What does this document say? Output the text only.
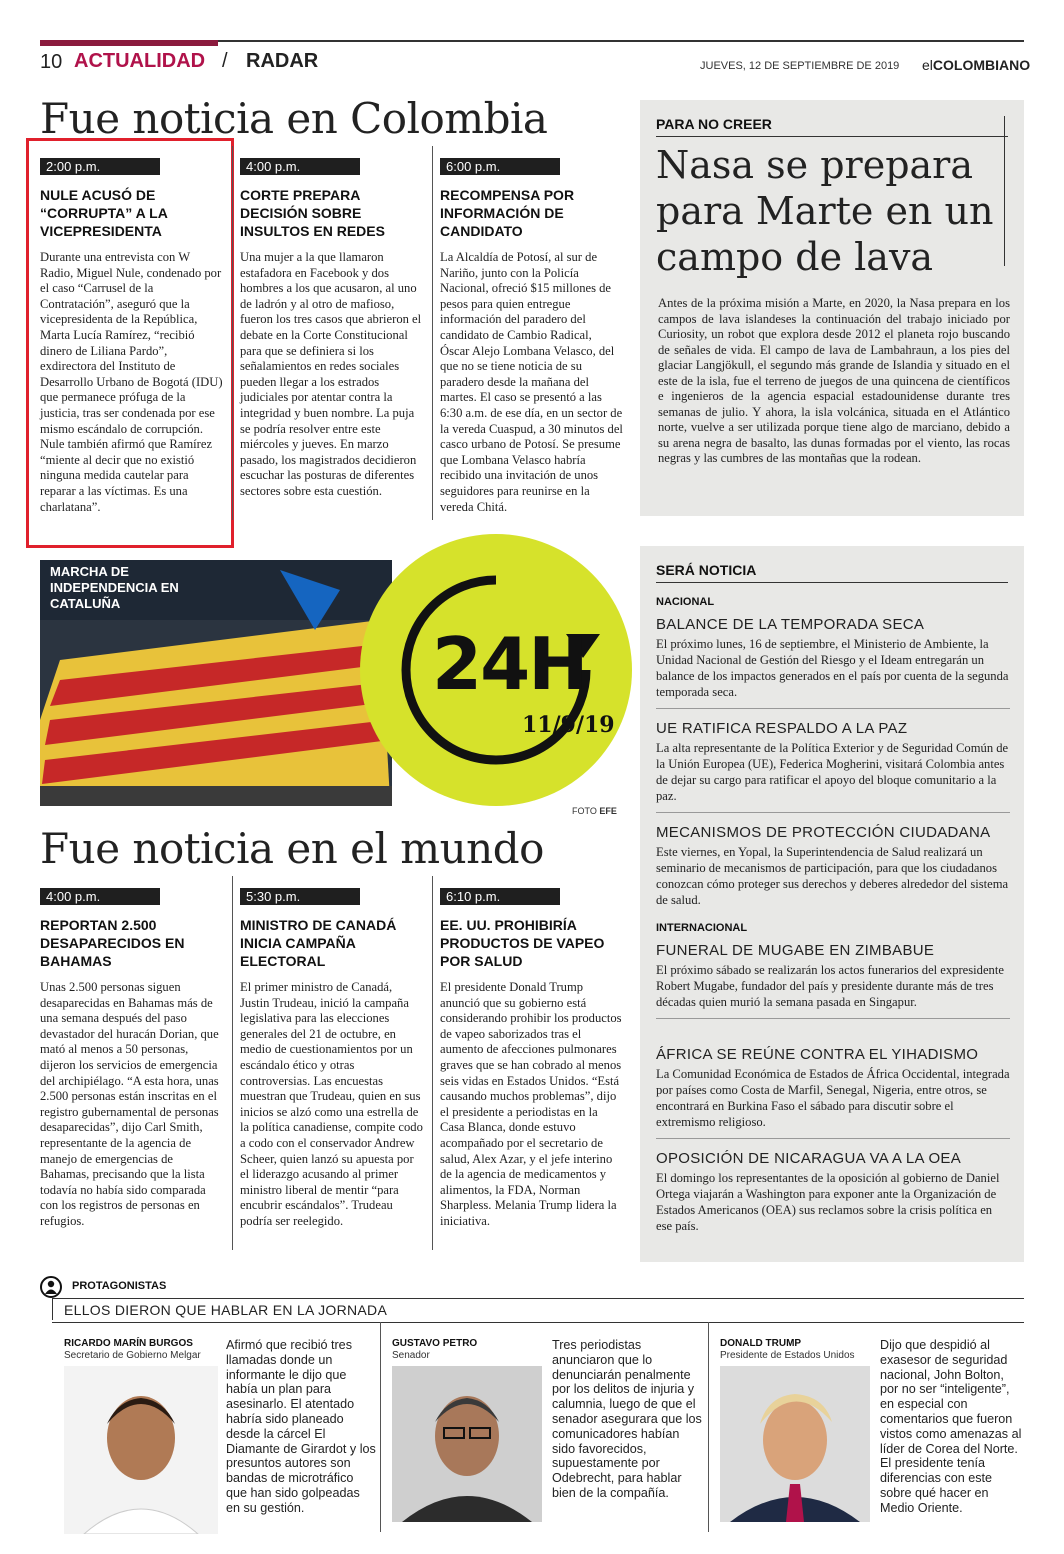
10 ACTUALIDAD / RADAR	JUEVES, 12 DE SEPTIEMBRE DE 2019 elCOLOMBIANO
Fue noticia en Colombia
2:00 p.m.
NULE ACUSÓ DE “CORRUPTA” A LA VICEPRESIDENTA
Durante una entrevista con W Radio, Miguel Nule, condenado por el caso “Carrusel de la Contratación”, aseguró que la vicepresidenta de la República, Marta Lucía Ramírez, “recibió dinero de Liliana Pardo”, exdirectora del Instituto de Desarrollo Urbano de Bogotá (IDU) que permanece prófuga de la justicia, tras ser condenada por ese mismo escándalo de corrupción. Nule también afirmó que Ramírez “miente al decir que no existió ninguna medida cautelar para reparar a las víctimas. Es una charlatana”.
4:00 p.m.
CORTE PREPARA DECISIÓN SOBRE INSULTOS EN REDES
Una mujer a la que llamaron estafadora en Facebook y dos hombres a los que acusaron, al uno de ladrón y al otro de mafioso, fueron los tres casos que abrieron el debate en la Corte Constitucional para que se definiera si los señalamientos en redes sociales pueden llegar a los estrados judiciales por atentar contra la integridad y buen nombre. La puja se podría resolver entre este miércoles y jueves. En marzo pasado, los magistrados decidieron escuchar las posturas de diferentes sectores sobre esta cuestión.
6:00 p.m.
RECOMPENSA POR INFORMACIÓN DE CANDIDATO
La Alcaldía de Potosí, al sur de Nariño, junto con la Policía Nacional, ofreció $15 millones de pesos para quien entregue información del paradero del candidato de Cambio Radical, Óscar Alejo Lombana Velasco, del que no se tiene noticia de su paradero desde la mañana del martes. El caso se presentó a las 6:30 a.m. de ese día, en un sector de la vereda Cuaspud, a 30 minutos del casco urbano de Potosí. Se presume que Lombana Velasco habría recibido una invitación de unos seguidores para reunirse en la vereda Chitá.
PARA NO CREER
Nasa se prepara para Marte en un campo de lava
Antes de la próxima misión a Marte, en 2020, la Nasa prepara en los campos de lava islandeses la continuación del trabajo iniciado por Curiosity, un robot que explora desde 2012 el planeta rojo buscando de señales de vida. El campo de lava de Lambahraun, a los pies del glaciar Langjökull, el segundo más grande de Islandia y situado en el este de la isla, fue el terreno de juegos de una quincena de científicos e ingenieros de la agencia espacial estadounidense durante tres semanas de julio. Y ahora, la isla volcánica, situada en el Atlántico norte, vuelve a ser utilizada porque tiene algo de marciano, debido a su arena negra de basalto, las dunas formadas por el viento, las rocas negras y las cumbres de las montañas que la rodean.
MARCHA DE INDEPENDENCIA EN CATALUÑA
24H
11/9/19
FOTO EFE
Fue noticia en el mundo
4:00 p.m.
REPORTAN 2.500 DESAPARECIDOS EN BAHAMAS
Unas 2.500 personas siguen desaparecidas en Bahamas más de una semana después del paso devastador del huracán Dorian, que mató al menos a 50 personas, dijeron los servicios de emergencia del archipiélago. “A esta hora, unas 2.500 personas están inscritas en el registro gubernamental de personas desaparecidas”, dijo Carl Smith, representante de la agencia de manejo de emergencias de Bahamas, precisando que la lista todavía no había sido comparada con los registros de personas en refugios.
5:30 p.m.
MINISTRO DE CANADÁ INICIA CAMPAÑA ELECTORAL
El primer ministro de Canadá, Justin Trudeau, inició la campaña legislativa para las elecciones generales del 21 de octubre, en medio de cuestionamientos por un escándalo ético y otras controversias. Las encuestas muestran que Trudeau, quien en sus inicios se alzó como una estrella de la política canadiense, compite codo a codo con el conservador Andrew Scheer, quien lanzó su apuesta por el liderazgo acusando al primer ministro liberal de mentir “para encubrir escándalos”. Trudeau podría ser reelegido.
6:10 p.m.
EE. UU. PROHIBIRÍA PRODUCTOS DE VAPEO POR SALUD
El presidente Donald Trump anunció que su gobierno está considerando prohibir los productos de vapeo saborizados tras el aumento de afecciones pulmonares graves que se han cobrado al menos seis vidas en Estados Unidos. “Está causando muchos problemas”, dijo el presidente a periodistas en la Casa Blanca, donde estuvo acompañado por el secretario de salud, Alex Azar, y el jefe interino de la agencia de medicamentos y alimentos, la FDA, Norman Sharpless. Melania Trump lidera la iniciativa.
SERÁ NOTICIA
NACIONAL
BALANCE DE LA TEMPORADA SECA
El próximo lunes, 16 de septiembre, el Ministerio de Ambiente, la Unidad Nacional de Gestión del Riesgo y el Ideam entregarán un balance de los impactos generados en el país por cuenta de la segunda temporada seca.
UE RATIFICA RESPALDO A LA PAZ
La alta representante de la Política Exterior y de Seguridad Común de la Unión Europea (UE), Federica Mogherini, visitará Colombia antes de dejar su cargo para ratificar el apoyo del bloque comunitario a la paz.
MECANISMOS DE PROTECCIÓN CIUDADANA
Este viernes, en Yopal, la Superintendencia de Salud realizará un seminario de mecanismos de participación, para que los ciudadanos conozcan cómo proteger sus derechos y deberes alrededor del sistema de salud.
INTERNACIONAL
FUNERAL DE MUGABE EN ZIMBABUE
El próximo sábado se realizarán los actos funerarios del expresidente Robert Mugabe, fundador del país y presidente durante más de tres décadas quien murió la semana pasada en Singapur.
ÁFRICA SE REÚNE CONTRA EL YIHADISMO
La Comunidad Económica de Estados de África Occidental, integrada por países como Costa de Marfil, Senegal, Nigeria, entre otros, se encontrará en Burkina Faso el sábado para discutir sobre el extremismo religioso.
OPOSICIÓN DE NICARAGUA VA A LA OEA
El domingo los representantes de la oposición al gobierno de Daniel Ortega viajarán a Washington para exponer ante la Organización de Estados Americanos (OEA) sus reclamos sobre la crisis política en ese país.
PROTAGONISTAS
ELLOS DIERON QUE HABLAR EN LA JORNADA
RICARDO MARÍN BURGOS
Secretario de Gobierno Melgar
Afirmó que recibió tres llamadas donde un informante le dijo que había un plan para asesinarlo. El atentado habría sido planeado desde la cárcel El Diamante de Girardot y los presuntos autores son bandas de microtráfico que han sido golpeadas en su gestión.
GUSTAVO PETRO
Senador
Tres periodistas anunciaron que lo denunciarán penalmente por los delitos de injuria y calumnia, luego de que el senador asegurara que los comunicadores habían sido favorecidos, supuestamente por Odebrecht, para hablar bien de la compañía.
DONALD TRUMP
Presidente de Estados Unidos
Dijo que despidió al exasesor de seguridad nacional, John Bolton, por no ser “inteligente”, en especial con comentarios que fueron vistos como amenazas al líder de Corea del Norte. El presidente tenía diferencias con este sobre qué hacer en Medio Oriente.
